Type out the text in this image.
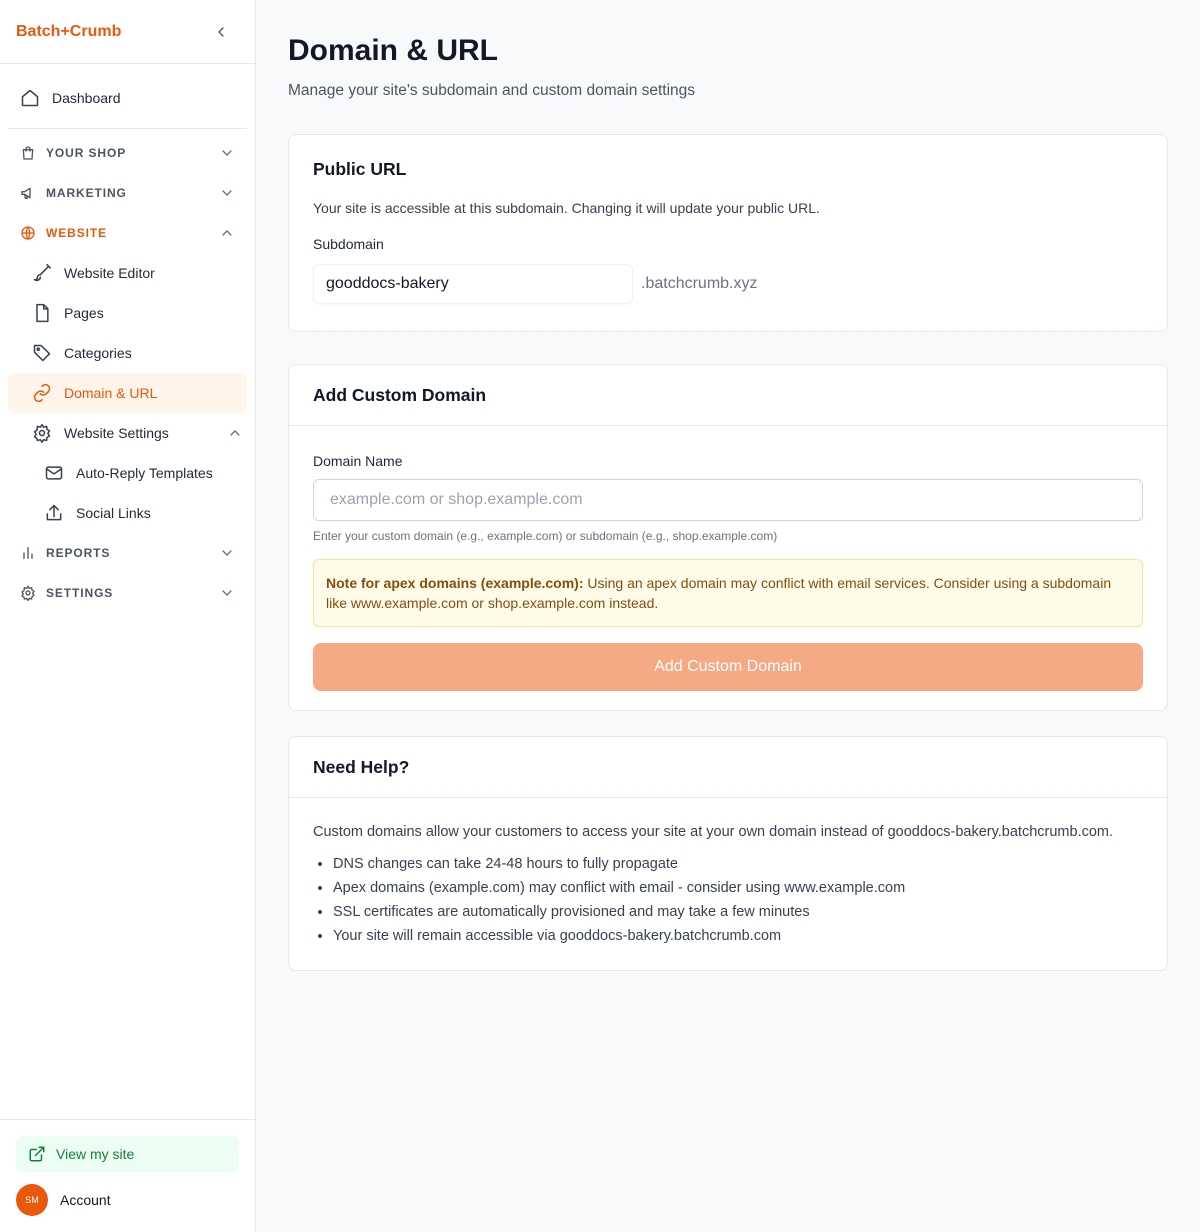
Batch+Crumb
Dashboard
YOUR SHOP
MARKETING
WEBSITE
Website Editor
Pages
Categories
Domain & URL
Website Settings
Auto-Reply Templates
Social Links
REPORTS
SETTINGS
View my site
SM	Account
Domain & URL

Manage your site's subdomain and custom domain settings

Public URL

Your site is accessible at this subdomain. Changing it will update your public URL.

Subdomain

gooddocs-bakery
.batchcrumb.xyz
Add Custom Domain

Domain Name

example.com or shop.example.com

Enter your custom domain (e.g., example.com) or subdomain (e.g., shop.example.com)

Note for apex domains (example.com): Using an apex domain may conflict with email services. Consider using a subdomain like www.example.com or shop.example.com instead.
Add Custom Domain
Need Help?

Custom domains allow your customers to access your site at your own domain instead of gooddocs-bakery.batchcrumb.com.

• DNS changes can take 24-48 hours to fully propagate
• Apex domains (example.com) may conflict with email - consider using www.example.com
• SSL certificates are automatically provisioned and may take a few minutes
• Your site will remain accessible via gooddocs-bakery.batchcrumb.com
